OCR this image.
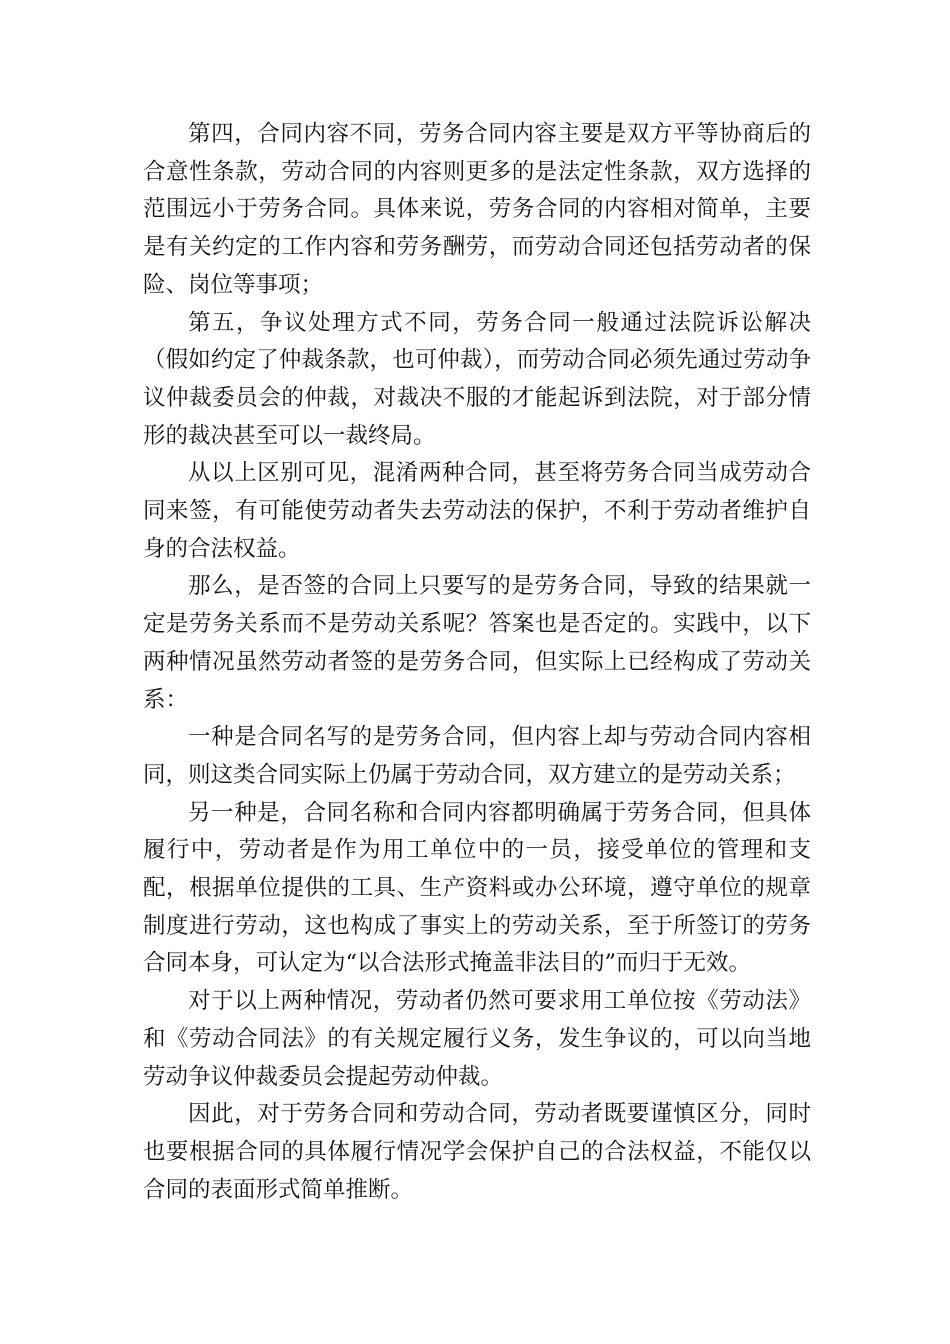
第四，合同内容不同，劳务合同内容主要是双方平等协商后的合意性条款，劳动合同的内容则更多的是法定性条款，双方选择的范围远小于劳务合同。具体来说，劳务合同的内容相对简单，主要是有关约定的工作内容和劳务酬劳，而劳动合同还包括劳动者的保险、岗位等事项；

第五，争议处理方式不同，劳务合同一般通过法院诉讼解决（假如约定了仲裁条款，也可仲裁），而劳动合同必须先通过劳动争议仲裁委员会的仲裁，对裁决不服的才能起诉到法院，对于部分情形的裁决甚至可以一裁终局。

从以上区别可见，混淆两种合同，甚至将劳务合同当成劳动合同来签，有可能使劳动者失去劳动法的保护，不利于劳动者维护自身的合法权益。

那么，是否签的合同上只要写的是劳务合同，导致的结果就一定是劳务关系而不是劳动关系呢？答案也是否定的。实践中，以下两种情况虽然劳动者签的是劳务合同，但实际上已经构成了劳动关系：

一种是合同名写的是劳务合同，但内容上却与劳动合同内容相同，则这类合同实际上仍属于劳动合同，双方建立的是劳动关系；

另一种是，合同名称和合同内容都明确属于劳务合同，但具体履行中，劳动者是作为用工单位中的一员，接受单位的管理和支配，根据单位提供的工具、生产资料或办公环境，遵守单位的规章制度进行劳动，这也构成了事实上的劳动关系，至于所签订的劳务合同本身，可认定为“以合法形式掩盖非法目的”而归于无效。

对于以上两种情况，劳动者仍然可要求用工单位按《劳动法》和《劳动合同法》的有关规定履行义务，发生争议的，可以向当地劳动争议仲裁委员会提起劳动仲裁。

因此，对于劳务合同和劳动合同，劳动者既要谨慎区分，同时也要根据合同的具体履行情况学会保护自己的合法权益，不能仅以合同的表面形式简单推断。
